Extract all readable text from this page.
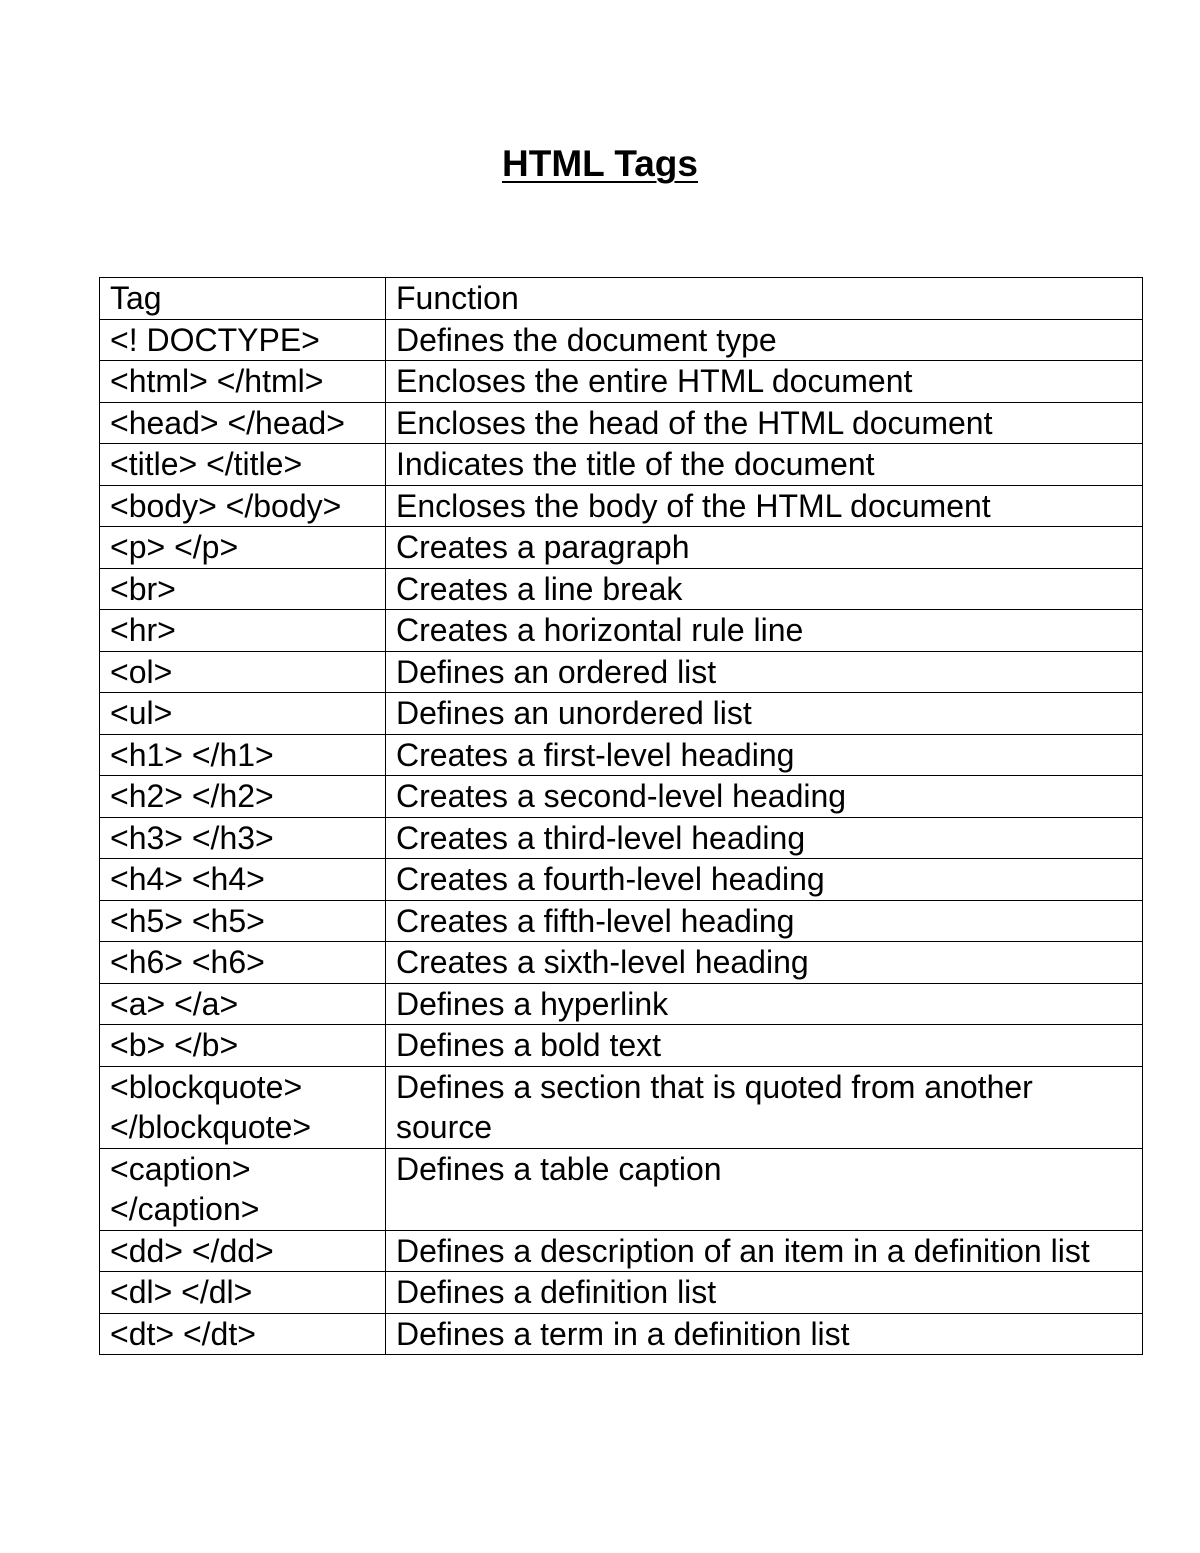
HTML Tags
Tag	Function
<! DOCTYPE>	Defines the document type
<html> </html>	Encloses the entire HTML document
<head> </head>	Encloses the head of the HTML document
<title> </title>	Indicates the title of the document
<body> </body>	Encloses the body of the HTML document
<p> </p>	Creates a paragraph
<br>	Creates a line break
<hr>	Creates a horizontal rule line
<ol>	Defines an ordered list
<ul>	Defines an unordered list
<h1> </h1>	Creates a first-level heading
<h2> </h2>	Creates a second-level heading
<h3> </h3>	Creates a third-level heading
<h4> <h4>	Creates a fourth-level heading
<h5> <h5>	Creates a fifth-level heading
<h6> <h6>	Creates a sixth-level heading
<a> </a>	Defines a hyperlink
<b> </b>	Defines a bold text
<blockquote> </blockquote>	Defines a section that is quoted from another source
<caption> </caption>	Defines a table caption
<dd> </dd>	Defines a description of an item in a definition list
<dl> </dl>	Defines a definition list
<dt> </dt>	Defines a term in a definition list
